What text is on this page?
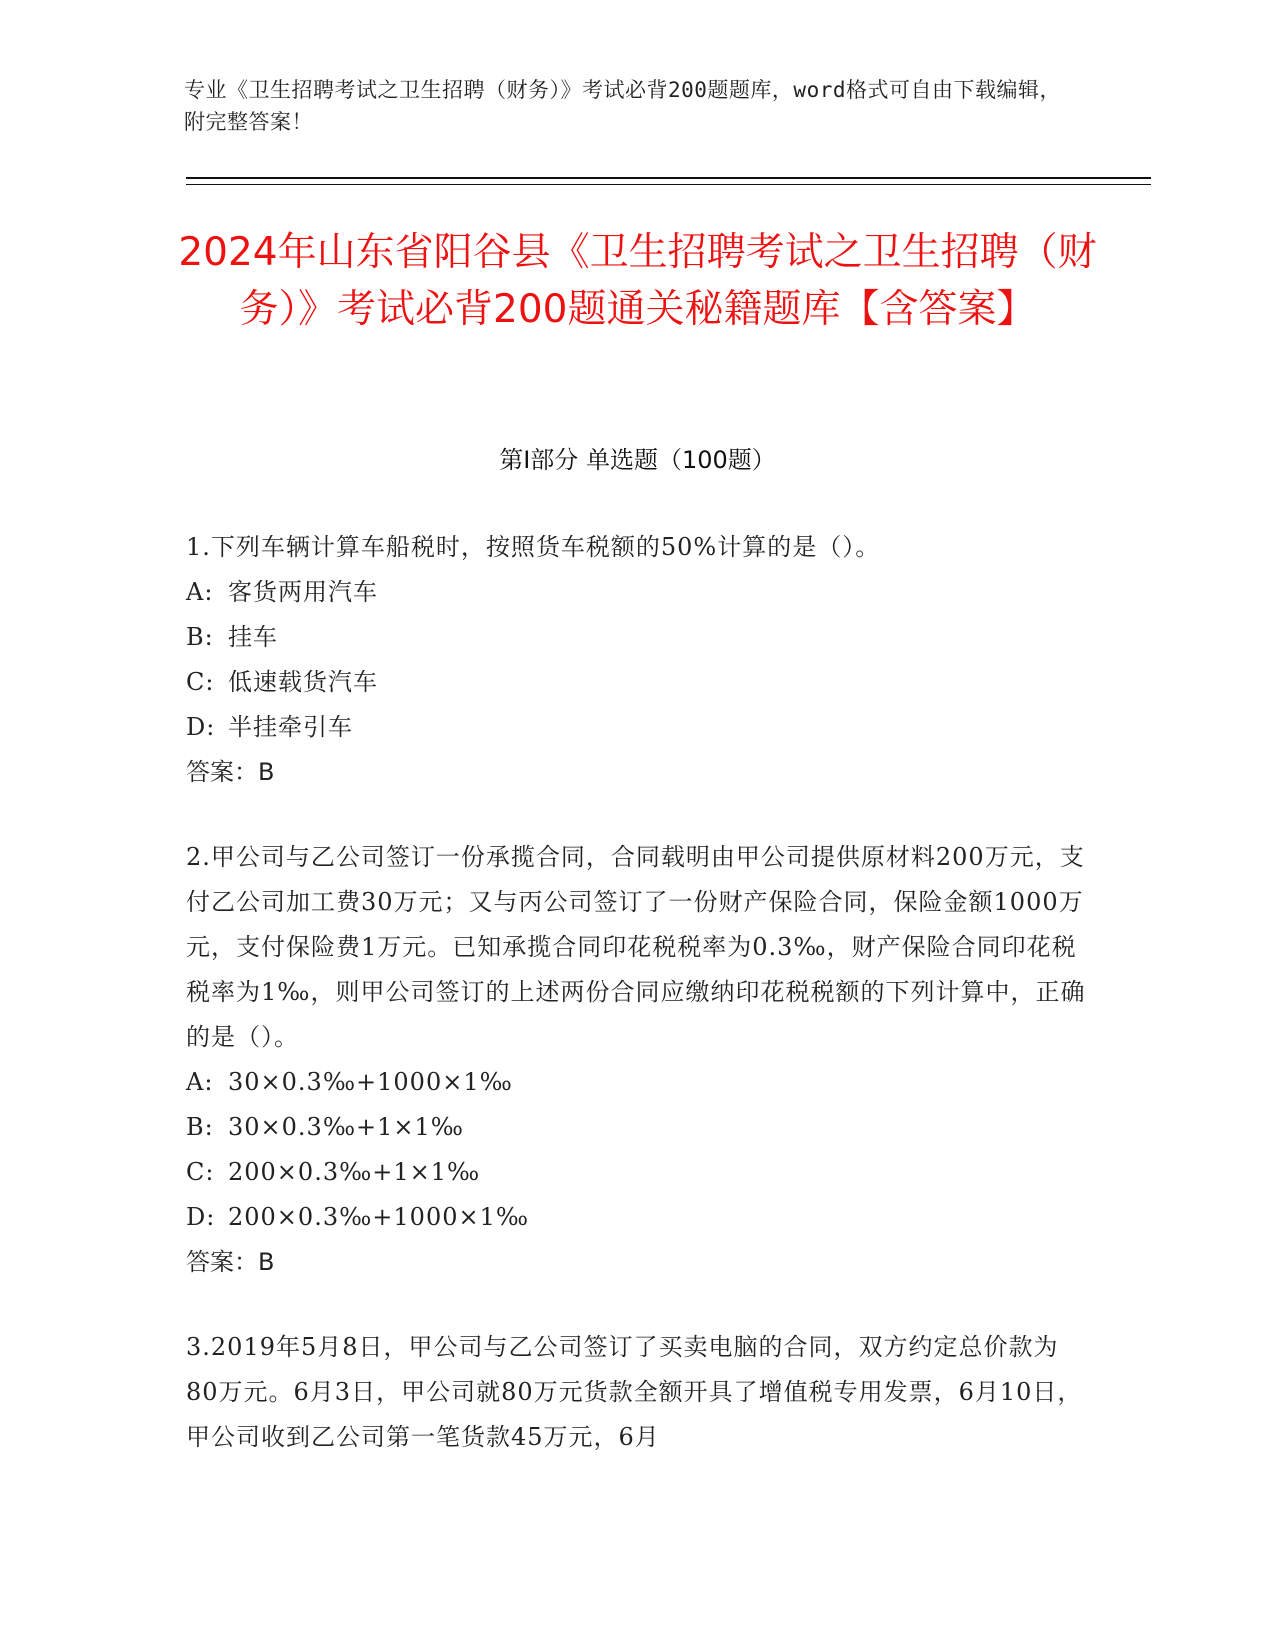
专业《卫生招聘考试之卫生招聘（财务）》考试必背200题题库，word格式可自由下载编辑，附完整答案！
2024年山东省阳谷县《卫生招聘考试之卫生招聘（财务）》考试必背200题通关秘籍题库【含答案】
第I部分 单选题（100题）
1.下列车辆计算车船税时，按照货车税额的50%计算的是（）。
A: 客货两用汽车
B: 挂车
C: 低速载货汽车
D: 半挂牵引车
答案：B
2.甲公司与乙公司签订一份承揽合同，合同载明由甲公司提供原材料200万元，支付乙公司加工费30万元；又与丙公司签订了一份财产保险合同，保险金额1000万元，支付保险费1万元。已知承揽合同印花税税率为0.3‰，财产保险合同印花税税率为1‰，则甲公司签订的上述两份合同应缴纳印花税税额的下列计算中，正确的是（）。
A: 30×0.3‰+1000×1‰
B: 30×0.3‰+1×1‰
C: 200×0.3‰+1×1‰
D: 200×0.3‰+1000×1‰
答案：B
3.2019年5月8日，甲公司与乙公司签订了买卖电脑的合同，双方约定总价款为80万元。6月3日，甲公司就80万元货款全额开具了增值税专用发票，6月10日，甲公司收到乙公司第一笔货款45万元，6月
